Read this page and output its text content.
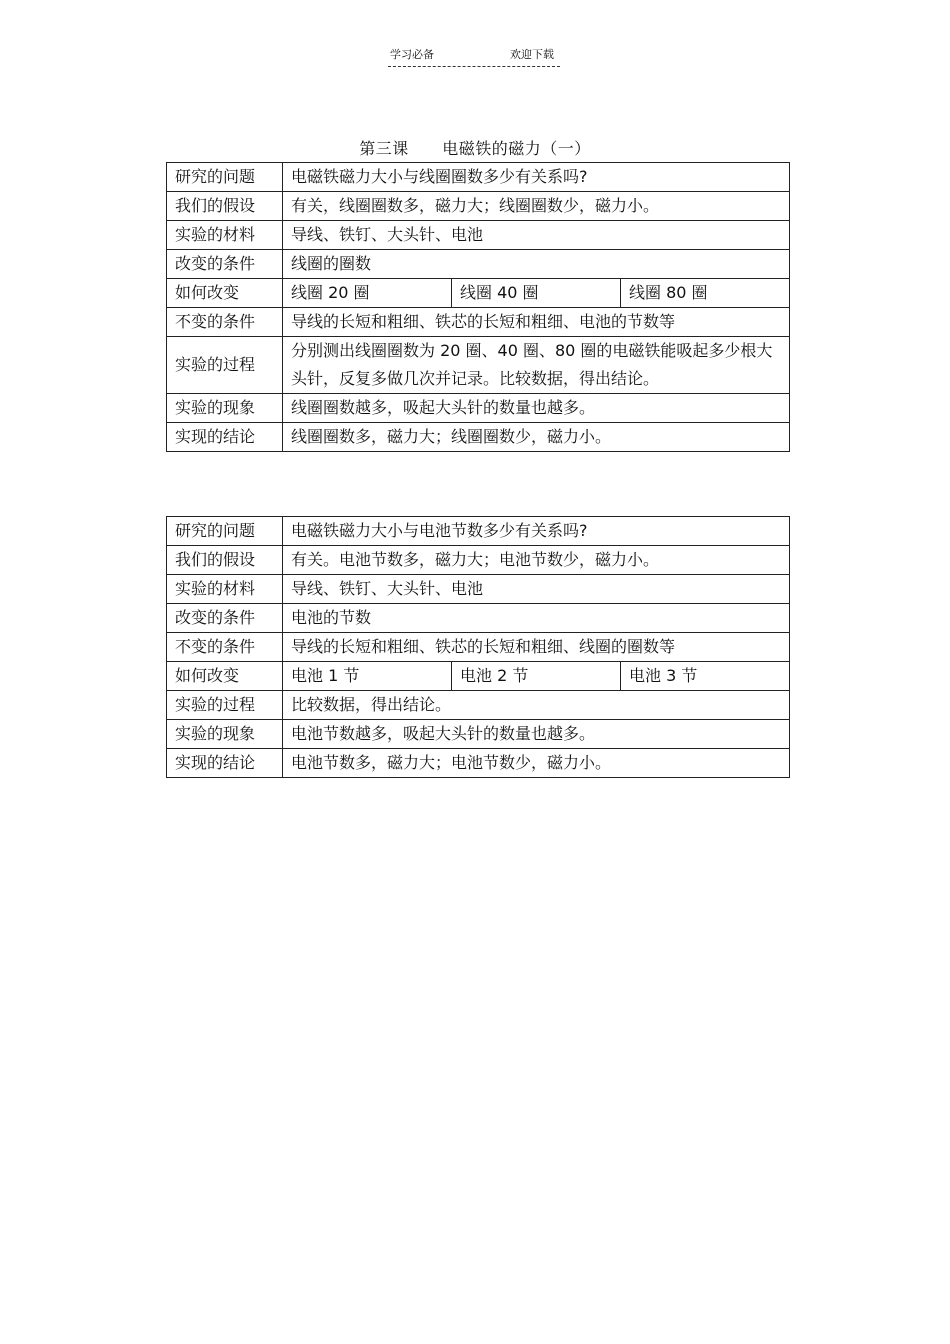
学习必备	欢迎下载
第三课      电磁铁的磁力（一）
研究的问题	电磁铁磁力大小与线圈圈数多少有关系吗?		
我们的假设	有关，线圈圈数多，磁力大；线圈圈数少，磁力小。		
实验的材料	导线、铁钉、大头针、电池		
改变的条件	线圈的圈数		
如何改变	线圈 20 圈	线圈 40 圈	线圈 80 圈
不变的条件	导线的长短和粗细、铁芯的长短和粗细、电池的节数等		
实验的过程	分别测出线圈圈数为 20 圈、40 圈、80 圈的电磁铁能吸起多少根大头针，反复多做几次并记录。比较数据，得出结论。		
实验的现象	线圈圈数越多，吸起大头针的数量也越多。		
实现的结论	线圈圈数多，磁力大；线圈圈数少，磁力小。		
研究的问题	电磁铁磁力大小与电池节数多少有关系吗?		
我们的假设	有关。电池节数多，磁力大；电池节数少，磁力小。		
实验的材料	导线、铁钉、大头针、电池		
改变的条件	电池的节数		
不变的条件	导线的长短和粗细、铁芯的长短和粗细、线圈的圈数等		
如何改变	电池 1 节	电池 2 节	电池 3 节
实验的过程	比较数据，得出结论。		
实验的现象	电池节数越多，吸起大头针的数量也越多。		
实现的结论	电池节数多，磁力大；电池节数少，磁力小。		
